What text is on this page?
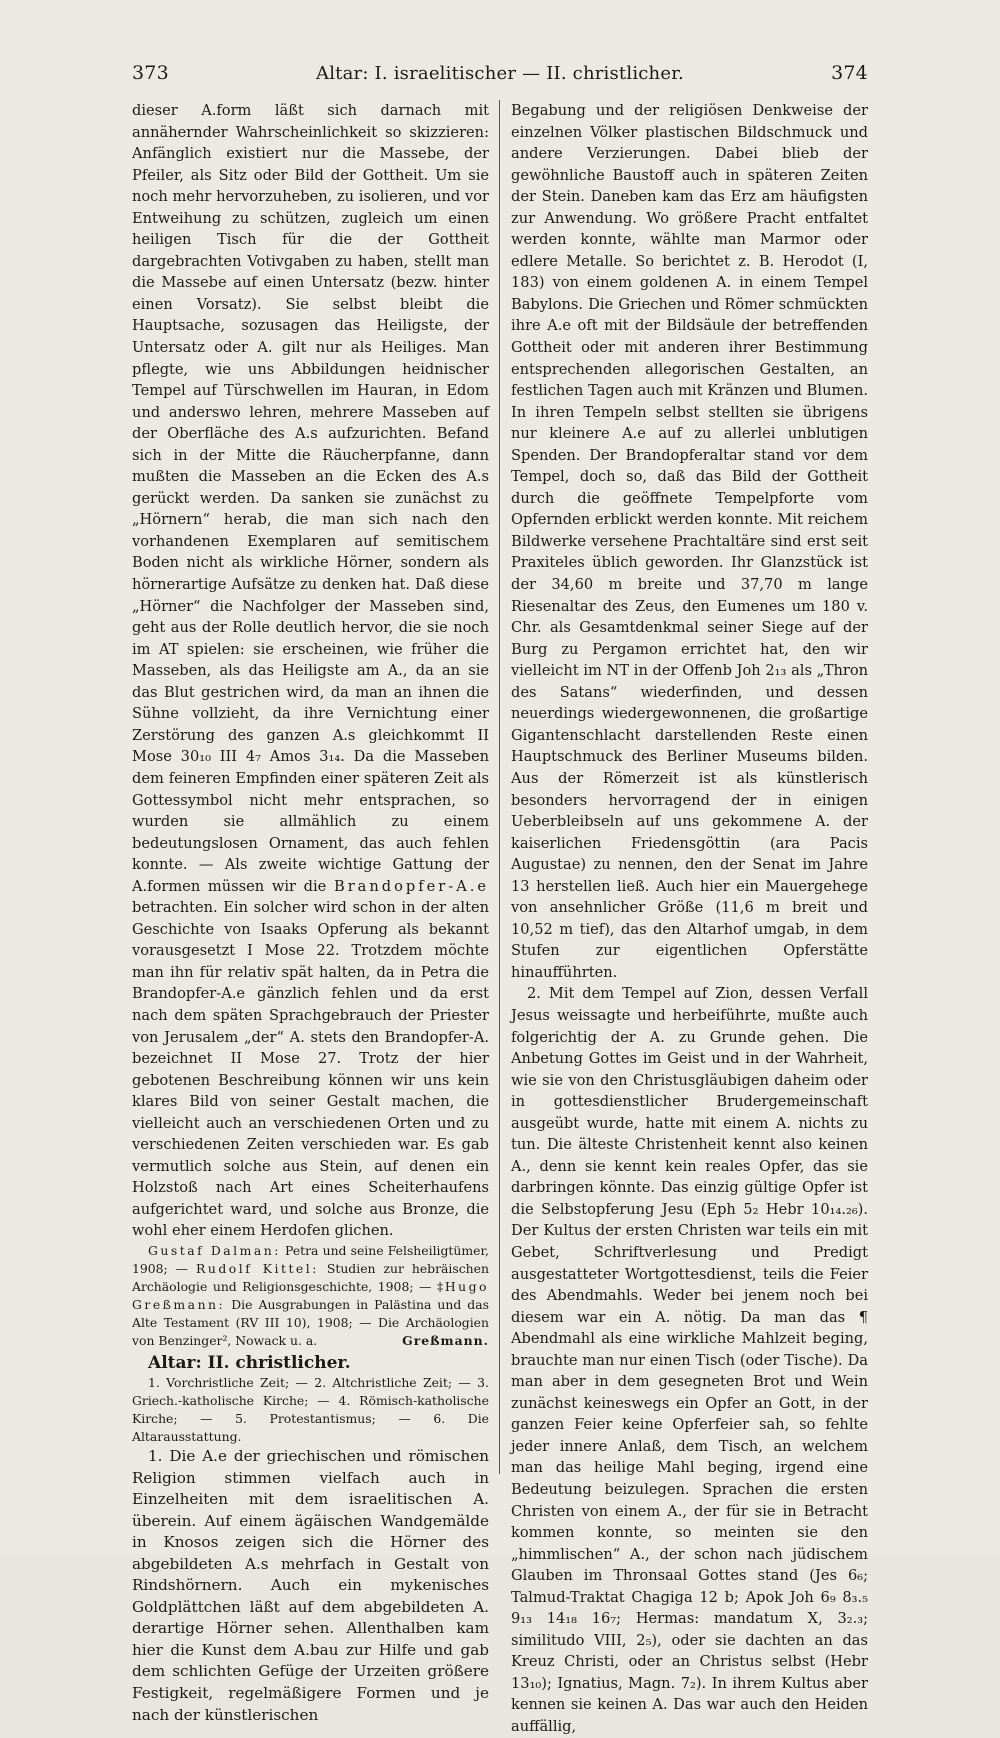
373	Altar: I. israelitischer — II. christlicher.	374

dieser A.form läßt sich darnach mit annähernder Wahrscheinlichkeit so skizzieren: Anfänglich existiert nur die Massebe, der Pfeiler, als Sitz oder Bild der Gottheit. Um sie noch mehr hervorzuheben, zu isolieren, und vor Entweihung zu schützen, zugleich um einen heiligen Tisch für die der Gottheit dargebrachten Votivgaben zu haben, stellt man die Massebe auf einen Untersatz (bezw. hinter einen Vorsatz). Sie selbst bleibt die Hauptsache, sozusagen das Heiligste, der Untersatz oder A. gilt nur als Heiliges. Man pflegte, wie uns Abbildungen heidnischer Tempel auf Türschwellen im Hauran, in Edom und anderswo lehren, mehrere Masseben auf der Oberfläche des A.s aufzurichten. Befand sich in der Mitte die Räucherpfanne, dann mußten die Masseben an die Ecken des A.s gerückt werden. Da sanken sie zunächst zu „Hörnern“ herab, die man sich nach den vorhandenen Exemplaren auf semitischem Boden nicht als wirkliche Hörner, sondern als hörnerartige Aufsätze zu denken hat. Daß diese „Hörner“ die Nachfolger der Masseben sind, geht aus der Rolle deutlich hervor, die sie noch im AT spielen: sie erscheinen, wie früher die Masseben, als das Heiligste am A., da an sie das Blut gestrichen wird, da man an ihnen die Sühne vollzieht, da ihre Vernichtung einer Zerstörung des ganzen A.s gleichkommt II Mose 30₁₀ III 4₇ Amos 3₁₄. Da die Masseben dem feineren Empfinden einer späteren Zeit als Gottessymbol nicht mehr entsprachen, so wurden sie allmählich zu einem bedeutungslosen Ornament, das auch fehlen konnte. — Als zweite wichtige Gattung der A.formen müssen wir die Brandopfer-A.e betrachten. Ein solcher wird schon in der alten Geschichte von Isaaks Opferung als bekannt vorausgesetzt I Mose 22. Trotzdem möchte man ihn für relativ spät halten, da in Petra die Brandopfer-A.e gänzlich fehlen und da erst nach dem späten Sprachgebrauch der Priester von Jerusalem „der“ A. stets den Brandopfer-A. bezeichnet II Mose 27. Trotz der hier gebotenen Beschreibung können wir uns kein klares Bild von seiner Gestalt machen, die vielleicht auch an verschiedenen Orten und zu verschiedenen Zeiten verschieden war. Es gab vermutlich solche aus Stein, auf denen ein Holzstoß nach Art eines Scheiterhaufens aufgerichtet ward, und solche aus Bronze, die wohl eher einem Herdofen glichen.

Gustaf Dalman: Petra und seine Felsheiligtümer, 1908; — Rudolf Kittel: Studien zur hebräischen Archäologie und Religionsgeschichte, 1908; — ‡Hugo Greßmann: Die Ausgrabungen in Palästina und das Alte Testament (RV III 10), 1908; — Die Archäologien von Benzinger², Nowack u. a.	Greßmann.

Altar: II. christlicher.

1. Vorchristliche Zeit; — 2. Altchristliche Zeit; — 3. Griech.-katholische Kirche; — 4. Römisch-katholische Kirche; — 5. Protestantismus; — 6. Die Altarausstattung.

1. Die A.e der griechischen und römischen Religion stimmen vielfach auch in Einzelheiten mit dem israelitischen A. überein. Auf einem ägäischen Wandgemälde in Knosos zeigen sich die Hörner des abgebildeten A.s mehrfach in Gestalt von Rindshörnern. Auch ein mykenisches Goldplättchen läßt auf dem abgebildeten A. derartige Hörner sehen. Allenthalben kam hier die Kunst dem A.bau zur Hilfe und gab dem schlichten Gefüge der Urzeiten größere Festigkeit, regelmäßigere Formen und je nach der künstlerischen

Begabung und der religiösen Denkweise der einzelnen Völker plastischen Bildschmuck und andere Verzierungen. Dabei blieb der gewöhnliche Baustoff auch in späteren Zeiten der Stein. Daneben kam das Erz am häufigsten zur Anwendung. Wo größere Pracht entfaltet werden konnte, wählte man Marmor oder edlere Metalle. So berichtet z. B. Herodot (I, 183) von einem goldenen A. in einem Tempel Babylons. Die Griechen und Römer schmückten ihre A.e oft mit der Bildsäule der betreffenden Gottheit oder mit anderen ihrer Bestimmung entsprechenden allegorischen Gestalten, an festlichen Tagen auch mit Kränzen und Blumen. In ihren Tempeln selbst stellten sie übrigens nur kleinere A.e auf zu allerlei unblutigen Spenden. Der Brandopferaltar stand vor dem Tempel, doch so, daß das Bild der Gottheit durch die geöffnete Tempelpforte vom Opfernden erblickt werden konnte. Mit reichem Bildwerke versehene Prachtaltäre sind erst seit Praxiteles üblich geworden. Ihr Glanzstück ist der 34,60 m breite und 37,70 m lange Riesenaltar des Zeus, den Eumenes um 180 v. Chr. als Gesamtdenkmal seiner Siege auf der Burg zu Pergamon errichtet hat, den wir vielleicht im NT in der Offenb Joh 2₁₃ als „Thron des Satans“ wiederfinden, und dessen neuerdings wiedergewonnenen, die großartige Gigantenschlacht darstellenden Reste einen Hauptschmuck des Berliner Museums bilden. Aus der Römerzeit ist als künstlerisch besonders hervorragend der in einigen Ueberbleibseln auf uns gekommene A. der kaiserlichen Friedensgöttin (ara Pacis Augustae) zu nennen, den der Senat im Jahre 13 herstellen ließ. Auch hier ein Mauergehege von ansehnlicher Größe (11,6 m breit und 10,52 m tief), das den Altarhof umgab, in dem Stufen zur eigentlichen Opferstätte hinaufführten.

2. Mit dem Tempel auf Zion, dessen Verfall Jesus weissagte und herbeiführte, mußte auch folgerichtig der A. zu Grunde gehen. Die Anbetung Gottes im Geist und in der Wahrheit, wie sie von den Christusgläubigen daheim oder in gottesdienstlicher Brudergemeinschaft ausgeübt wurde, hatte mit einem A. nichts zu tun. Die älteste Christenheit kennt also keinen A., denn sie kennt kein reales Opfer, das sie darbringen könnte. Das einzig gültige Opfer ist die Selbstopferung Jesu (Eph 5₂ Hebr 10₁₄.₂₆). Der Kultus der ersten Christen war teils ein mit Gebet, Schriftverlesung und Predigt ausgestatteter Wortgottesdienst, teils die Feier des Abendmahls. Weder bei jenem noch bei diesem war ein A. nötig. Da man das ¶ Abendmahl als eine wirkliche Mahlzeit beging, brauchte man nur einen Tisch (oder Tische). Da man aber in dem gesegneten Brot und Wein zunächst keineswegs ein Opfer an Gott, in der ganzen Feier keine Opferfeier sah, so fehlte jeder innere Anlaß, dem Tisch, an welchem man das heilige Mahl beging, irgend eine Bedeutung beizulegen. Sprachen die ersten Christen von einem A., der für sie in Betracht kommen konnte, so meinten sie den „himmlischen“ A., der schon nach jüdischem Glauben im Thronsaal Gottes stand (Jes 6₆; Talmud-Traktat Chagiga 12 b; Apok Joh 6₉ 8₃.₅ 9₁₃ 14₁₈ 16₇; Hermas: mandatum X, 3₂.₃; similitudo VIII, 2₅), oder sie dachten an das Kreuz Christi, oder an Christus selbst (Hebr 13₁₀); Ignatius, Magn. 7₂). In ihrem Kultus aber kennen sie keinen A. Das war auch den Heiden auffällig,
